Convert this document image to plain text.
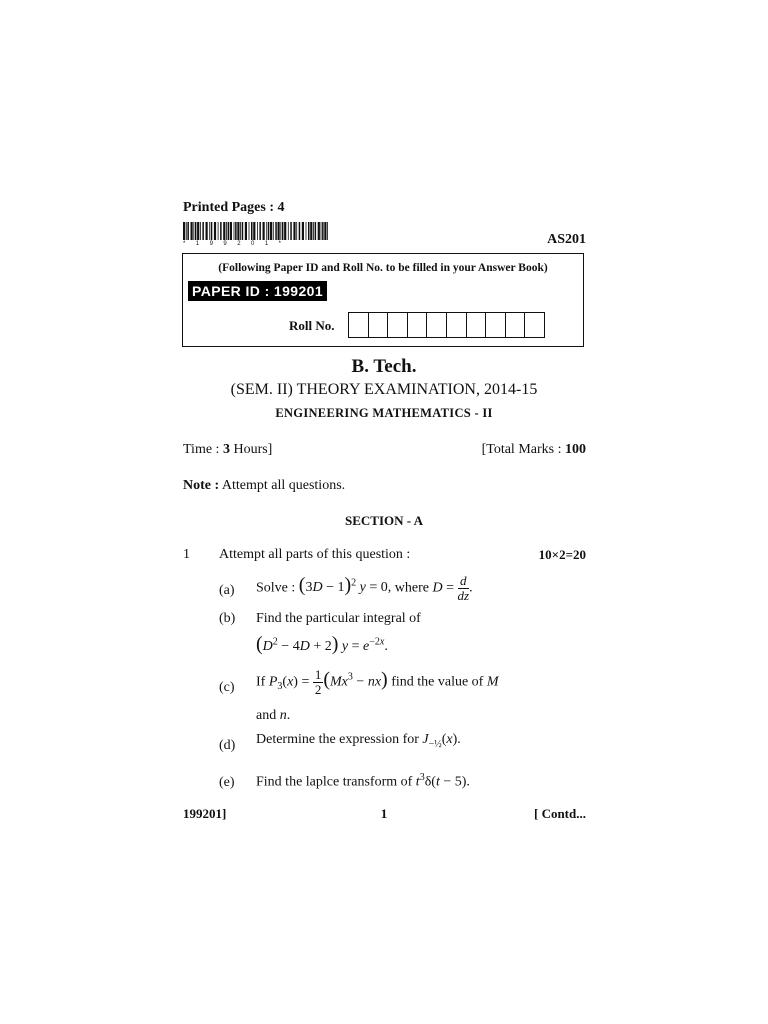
Printed Pages : 4
* 1 9 9 2 0 1 *	AS201
(Following Paper ID and Roll No. to be filled in your Answer Book)
PAPER ID : 199201
Roll No.
B. Tech.
(SEM. II) THEORY EXAMINATION, 2014-15
ENGINEERING MATHEMATICS - II
Time : 3 Hours]	[Total Marks : 100
Note : Attempt all questions.
SECTION - A
1 Attempt all parts of this question :	10×2=20
(a) Solve : $(3D - 1)^2$ y = 0, where $D = \frac{d}{dz}$ .
(b) Find the particular integral of
$(D^2 - 4D + 2) y = e^{-2x}$.
(c) If $P_3(x) = \frac{1}{2} (Mx^3 - nx)$ find the value of M
and n.
(d) Determine the expression for $J_{-\frac{1}{2}}(x)$.
(e) Find the laplce transform of $t^3\delta(t - 5)$.
199201]	1	[ Contd...
